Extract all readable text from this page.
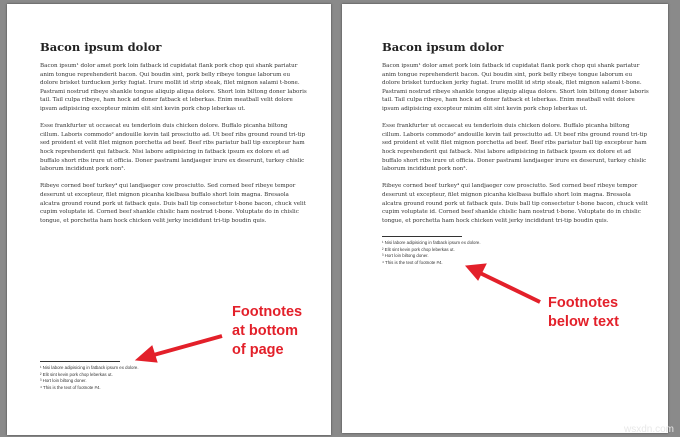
Bacon ipsum dolor

Bacon ipsum¹ dolor amet pork loin fatback id cupidatat flank pork chop qui shank pariatur anim tongue reprehenderit bacon. Qui boudin sint, pork belly ribeye tongue laborum eu dolore brisket turducken jerky fugiat. Irure mollit id strip steak, filet mignon salami t-bone. Pastrami nostrud ribeye shankle tongue aliquip aliqua dolore. Short loin biltong doner laboris tail. Tail culpa ribeye, ham hock ad doner fatback et leberkas. Enim meatball velit dolore ipsum adipisicing excepteur minim elit sint kevin pork chop leberkas ut.

Esse frankfurter ut occaecat eu tenderloin duis chicken dolore. Buffalo picanha biltong cillum. Laboris commodo² andouille kevin tail prosciutto ad. Ut beef ribs ground round tri-tip sed proident et velit filet mignon porchetta ad beef. Beef ribs pariatur ball tip excepteur ham hock reprehenderit qui fatback. Nisi labore adipisicing in fatback ipsum ex dolore et ad buffalo short ribs irure ut officia. Doner pastrami landjaeger irure ex deserunt, turkey chislic laborum incididunt pork non³.

Ribeye corned beef turkey⁴ qui landjaeger cow prosciutto. Sed corned beef ribeye tempor deserunt ut excepteur, filet mignon picanha kielbasa buffalo short loin magna. Bresaola alcatra ground round pork ut fatback quis. Duis ball tip consectetur t-bone bacon, chuck velit cupim voluptate id. Corned beef shankle chislic ham nostrud t-bone. Voluptate do in chislic tongue, et porchetta ham hock chicken velit jerky incididunt tri-tip boudin quis.

¹ Nisi labore adipisicing in fatback ipsum ex dolore.
² Elit sint kevin pork chop leberkas ut.
³ Hort loin biltong doner.
⁴ This is the text of footnote #4.
Bacon ipsum dolor

Bacon ipsum¹ dolor amet pork loin fatback id cupidatat flank pork chop qui shank pariatur anim tongue reprehenderit bacon. Qui boudin sint, pork belly ribeye tongue laborum eu dolore brisket turducken jerky fugiat. Irure mollit id strip steak, filet mignon salami t-bone. Pastrami nostrud ribeye shankle tongue aliquip aliqua dolore. Short loin biltong doner laboris tail. Tail culpa ribeye, ham hock ad doner fatback et leberkas. Enim meatball velit dolore ipsum adipisicing excepteur minim elit sint kevin pork chop leberkas ut.

Esse frankfurter ut occaecat eu tenderloin duis chicken dolore. Buffalo picanha biltong cillum. Laboris commodo² andouille kevin tail prosciutto ad. Ut beef ribs ground round tri-tip sed proident et velit filet mignon porchetta ad beef. Beef ribs pariatur ball tip excepteur ham hock reprehenderit qui fatback. Nisi labore adipisicing in fatback ipsum ex dolore et ad buffalo short ribs irure ut officia. Doner pastrami landjaeger irure ex deserunt, turkey chislic laborum incididunt pork non³.

Ribeye corned beef turkey⁴ qui landjaeger cow prosciutto. Sed corned beef ribeye tempor deserunt ut excepteur, filet mignon picanha kielbasa buffalo short loin magna. Bresaola alcatra ground round pork ut fatback quis. Duis ball tip consectetur t-bone bacon, chuck velit cupim voluptate id. Corned beef shankle chislic ham nostrud t-bone. Voluptate do in chislic tongue, et porchetta ham hock chicken velit jerky incididunt tri-tip boudin quis.

¹ Nisi labore adipisicing in fatback ipsum ex dolore.
² Elit sint kevin pork chop leberkas ut.
³ Hort loin biltong doner.
⁴ This is the text of footnote #4.
Footnotes
at bottom
of page
Footnotes
below text
wsxdn.com
